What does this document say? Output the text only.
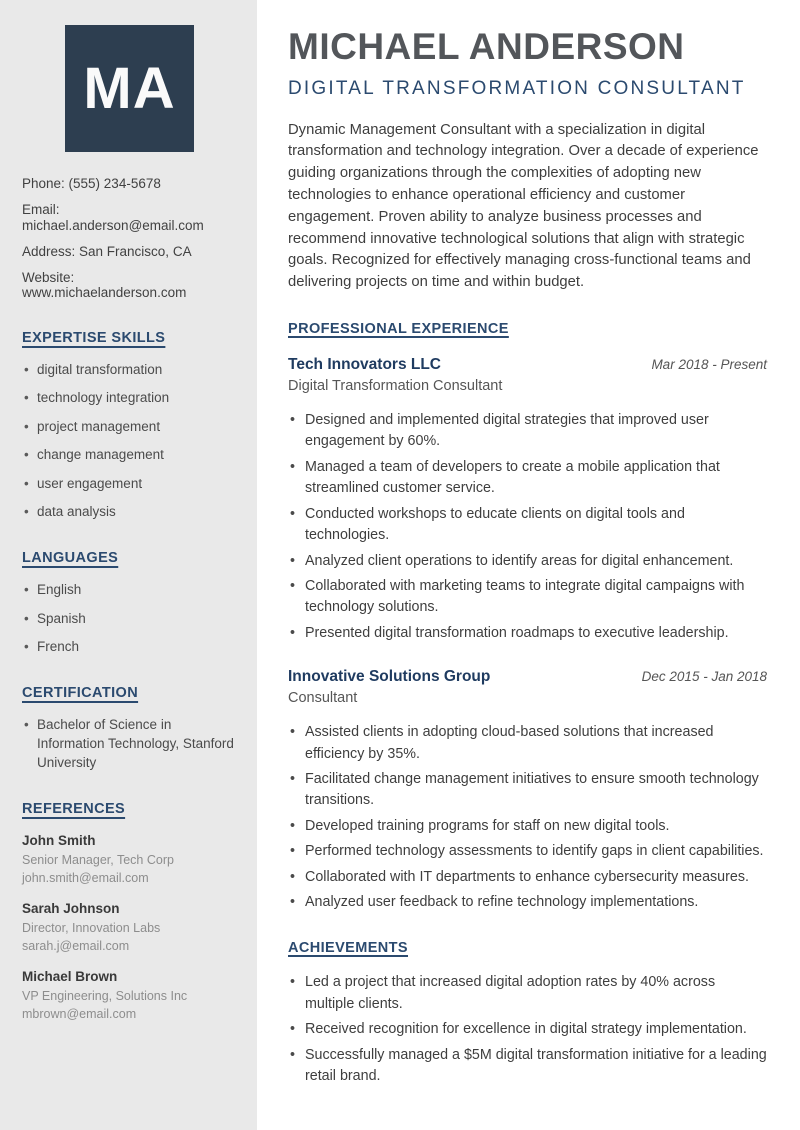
MA

Phone: (555) 234-5678

Email: michael.anderson@email.com

Address: San Francisco, CA

Website: www.michaelanderson.com

EXPERTISE SKILLS
• digital transformation
• technology integration
• project management
• change management
• user engagement
• data analysis
LANGUAGES
• English
• Spanish
• French
CERTIFICATION
• Bachelor of Science in Information Technology, Stanford University
REFERENCES
John Smith
Senior Manager, Tech Corp
john.smith@email.com
Sarah Johnson
Director, Innovation Labs
sarah.j@email.com
Michael Brown
VP Engineering, Solutions Inc
mbrown@email.com
MICHAEL ANDERSON
DIGITAL TRANSFORMATION CONSULTANT

Dynamic Management Consultant with a specialization in digital transformation and technology integration. Over a decade of experience guiding organizations through the complexities of adopting new technologies to enhance operational efficiency and customer engagement. Proven ability to analyze business processes and recommend innovative technological solutions that align with strategic goals. Recognized for effectively managing cross-functional teams and delivering projects on time and within budget.

PROFESSIONAL EXPERIENCE
Tech Innovators LLC	Mar 2018 - Present
Digital Transformation Consultant
• Designed and implemented digital strategies that improved user engagement by 60%.
• Managed a team of developers to create a mobile application that streamlined customer service.
• Conducted workshops to educate clients on digital tools and technologies.
• Analyzed client operations to identify areas for digital enhancement.
• Collaborated with marketing teams to integrate digital campaigns with technology solutions.
• Presented digital transformation roadmaps to executive leadership.
Innovative Solutions Group	Dec 2015 - Jan 2018
Consultant
• Assisted clients in adopting cloud-based solutions that increased efficiency by 35%.
• Facilitated change management initiatives to ensure smooth technology transitions.
• Developed training programs for staff on new digital tools.
• Performed technology assessments to identify gaps in client capabilities.
• Collaborated with IT departments to enhance cybersecurity measures.
• Analyzed user feedback to refine technology implementations.
ACHIEVEMENTS
• Led a project that increased digital adoption rates by 40% across multiple clients.
• Received recognition for excellence in digital strategy implementation.
• Successfully managed a $5M digital transformation initiative for a leading retail brand.
